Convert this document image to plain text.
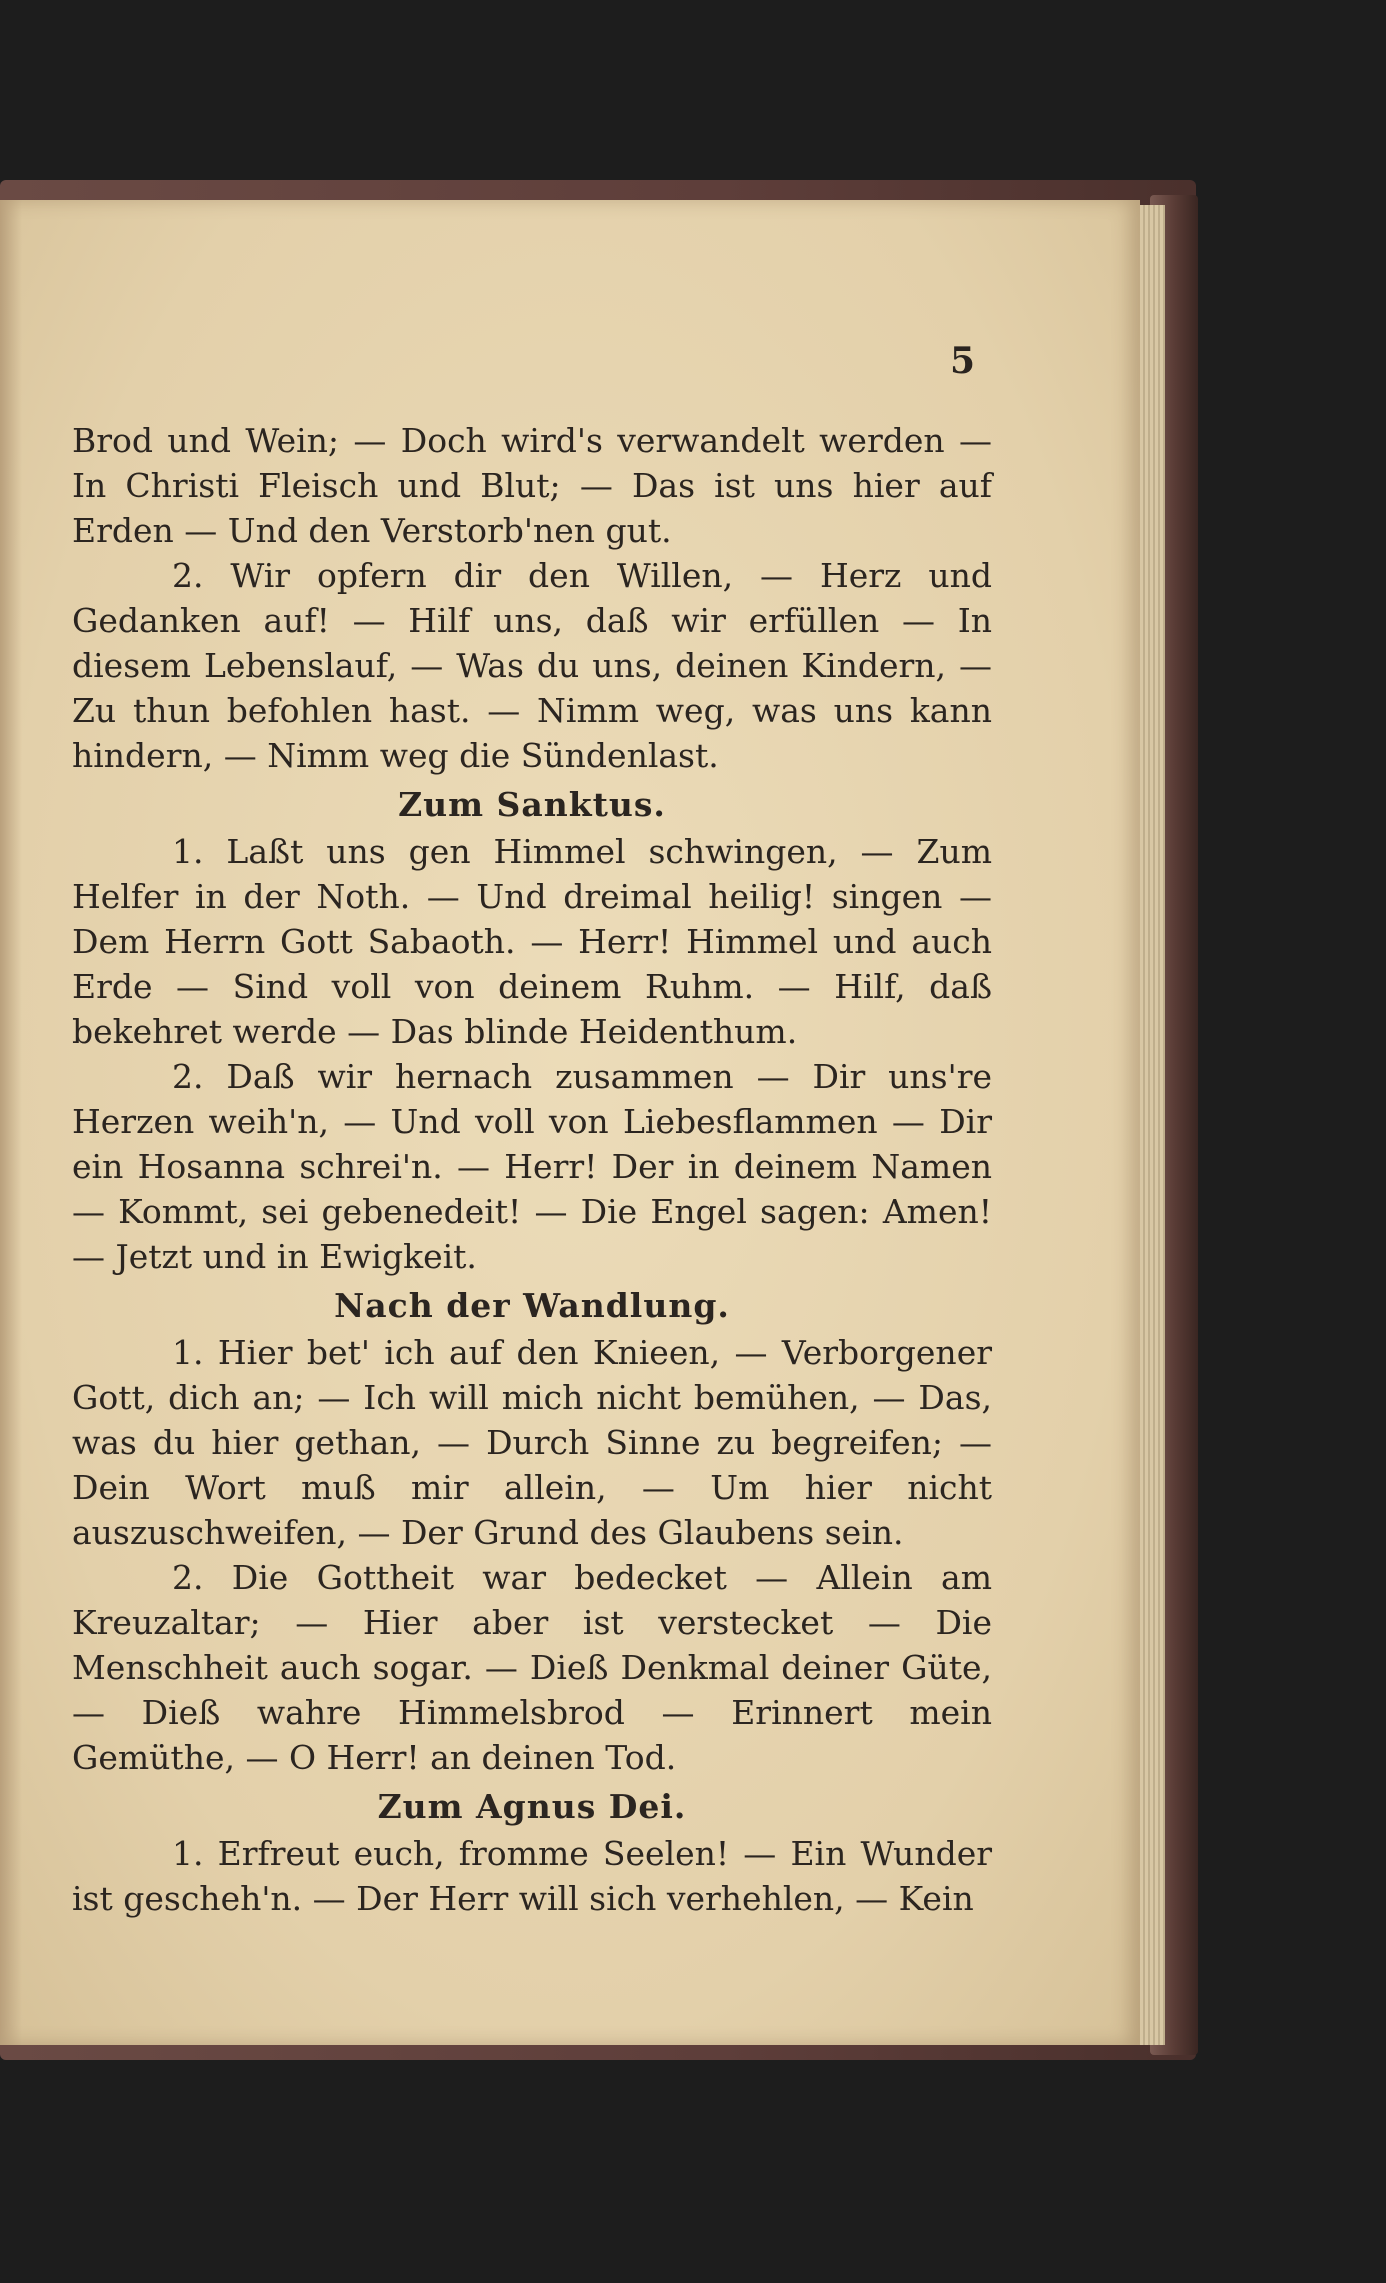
5

Brod und Wein; — Doch wird's verwandelt werden — In Christi Fleisch und Blut; — Das ist uns hier auf Erden — Und den Verstorb'nen gut.

2. Wir opfern dir den Willen, — Herz und Gedanken auf! — Hilf uns, daß wir erfüllen — In diesem Lebenslauf, — Was du uns, deinen Kindern, — Zu thun befohlen hast. — Nimm weg, was uns kann hindern, — Nimm weg die Sündenlast.

Zum Sanktus.

1. Laßt uns gen Himmel schwingen, — Zum Helfer in der Noth. — Und dreimal heilig! singen — Dem Herrn Gott Sabaoth. — Herr! Himmel und auch Erde — Sind voll von deinem Ruhm. — Hilf, daß bekehret werde — Das blinde Heidenthum.

2. Daß wir hernach zusammen — Dir uns're Herzen weih'n, — Und voll von Liebesflammen — Dir ein Hosanna schrei'n. — Herr! Der in deinem Namen — Kommt, sei gebenedeit! — Die Engel sagen: Amen! — Jetzt und in Ewigkeit.

Nach der Wandlung.

1. Hier bet' ich auf den Knieen, — Verborgener Gott, dich an; — Ich will mich nicht bemühen, — Das, was du hier gethan, — Durch Sinne zu begreifen; — Dein Wort muß mir allein, — Um hier nicht auszuschweifen, — Der Grund des Glaubens sein.

2. Die Gottheit war bedecket — Allein am Kreuzaltar; — Hier aber ist verstecket — Die Menschheit auch sogar. — Dieß Denkmal deiner Güte, — Dieß wahre Himmelsbrod — Erinnert mein Gemüthe, — O Herr! an deinen Tod.

Zum Agnus Dei.

1. Erfreut euch, fromme Seelen! — Ein Wunder ist gescheh'n. — Der Herr will sich verhehlen, — Kein
